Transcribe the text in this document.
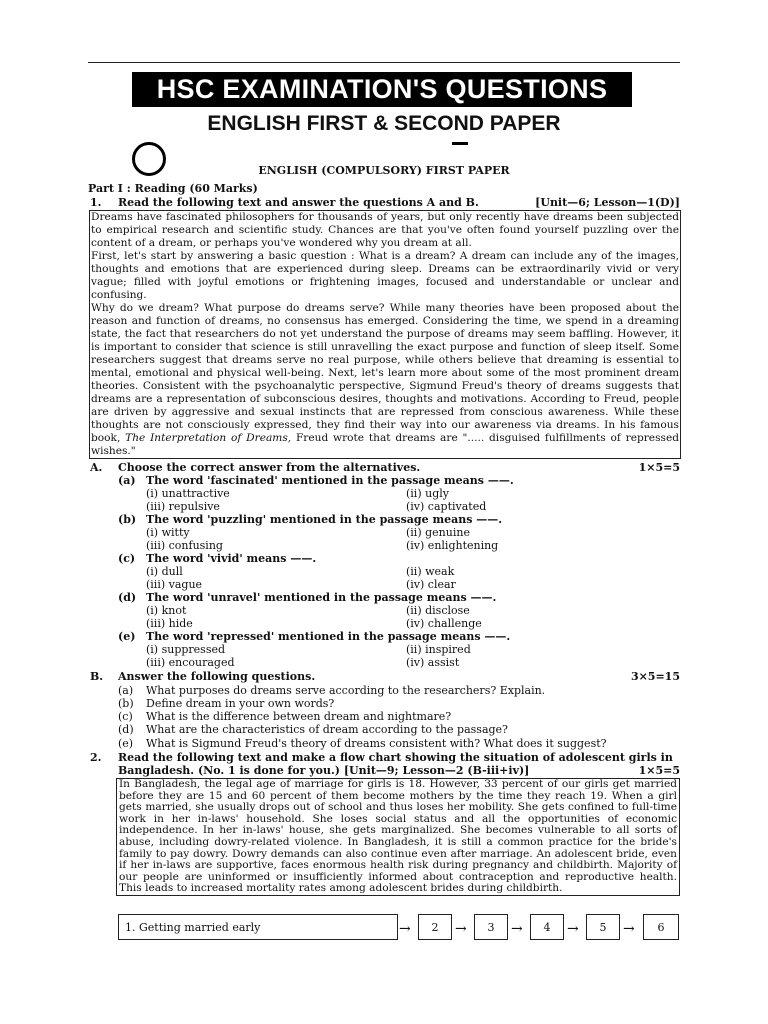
HSC EXAMINATION'S QUESTIONS
ENGLISH FIRST & SECOND PAPER
ENGLISH (COMPULSORY) FIRST PAPER
Part I : Reading (60 Marks)
1. Read the following text and answer the questions A and B.	[Unit—6; Lesson—1(D)]

Dreams have fascinated philosophers for thousands of years, but only recently have dreams been subjected to empirical research and scientific study. Chances are that you've often found yourself puzzling over the content of a dream, or perhaps you've wondered why you dream at all.

First, let's start by answering a basic question : What is a dream? A dream can include any of the images, thoughts and emotions that are experienced during sleep. Dreams can be extraordinarily vivid or very vague; filled with joyful emotions or frightening images, focused and understandable or unclear and confusing.

Why do we dream? What purpose do dreams serve? While many theories have been proposed about the reason and function of dreams, no consensus has emerged. Considering the time, we spend in a dreaming state, the fact that researchers do not yet understand the purpose of dreams may seem baffling. However, it is important to consider that science is still unravelling the exact purpose and function of sleep itself. Some researchers suggest that dreams serve no real purpose, while others believe that dreaming is essential to mental, emotional and physical well-being. Next, let's learn more about some of the most prominent dream theories. Consistent with the psychoanalytic perspective, Sigmund Freud's theory of dreams suggests that dreams are a representation of subconscious desires, thoughts and motivations. According to Freud, people are driven by aggressive and sexual instincts that are repressed from conscious awareness. While these thoughts are not consciously expressed, they find their way into our awareness via dreams. In his famous book, The Interpretation of Dreams, Freud wrote that dreams are "..... disguised fulfillments of repressed wishes."

A. Choose the correct answer from the alternatives.	1×5=5
(a) The word 'fascinated' mentioned in the passage means ——.
(i) unattractive	(ii) ugly
(iii) repulsive	(iv) captivated
(b) The word 'puzzling' mentioned in the passage means ——.
(i) witty	(ii) genuine
(iii) confusing	(iv) enlightening
(c) The word 'vivid' means ——.
(i) dull	(ii) weak
(iii) vague	(iv) clear
(d) The word 'unravel' mentioned in the passage means ——.
(i) knot	(ii) disclose
(iii) hide	(iv) challenge
(e) The word 'repressed' mentioned in the passage means ——.
(i) suppressed	(ii) inspired
(iii) encouraged	(iv) assist
B. Answer the following questions.	3×5=15
(a) What purposes do dreams serve according to the researchers? Explain.
(b) Define dream in your own words?
(c) What is the difference between dream and nightmare?
(d) What are the characteristics of dream according to the passage?
(e) What is Sigmund Freud's theory of dreams consistent with? What does it suggest?
2. Read the following text and make a flow chart showing the situation of adolescent girls in
Bangladesh. (No. 1 is done for you.) [Unit—9; Lesson—2 (B-iii+iv)]	1×5=5
In Bangladesh, the legal age of marriage for girls is 18. However, 33 percent of our girls get married before they are 15 and 60 percent of them become mothers by the time they reach 19. When a girl gets married, she usually drops out of school and thus loses her mobility. She gets confined to full-time work in her in-laws' household. She loses social status and all the opportunities of economic independence. In her in-laws' house, she gets marginalized. She becomes vulnerable to all sorts of abuse, including dowry-related violence. In Bangladesh, it is still a common practice for the bride's family to pay dowry. Dowry demands can also continue even after marriage. An adolescent bride, even if her in-laws are supportive, faces enormous health risk during pregnancy and childbirth. Majority of our people are uninformed or insufficiently informed about contraception and reproductive health. This leads to increased mortality rates among adolescent brides during childbirth.
1. Getting married early	→	2	→	3	→	4	→	5	→	6
